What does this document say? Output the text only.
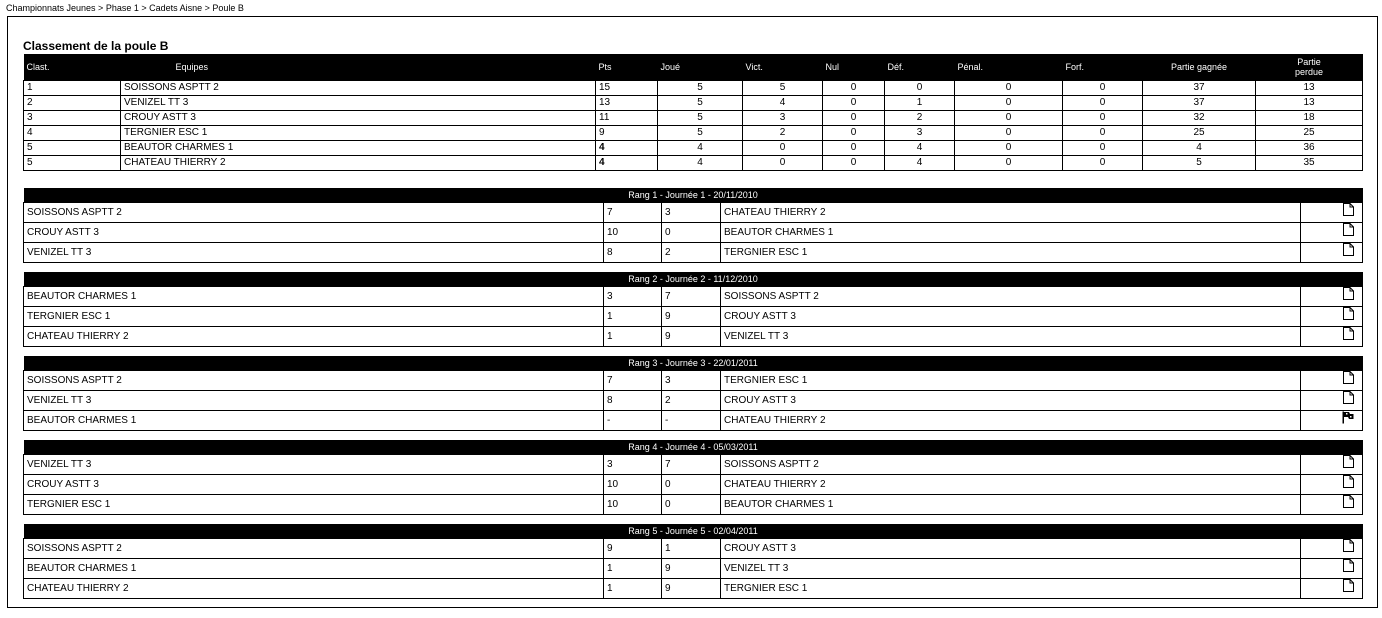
Championnats Jeunes > Phase 1 > Cadets Aisne > Poule B
Classement de la poule B
Clast.	Equipes	Pts	Joué	Vict.	Nul	Déf.	Pénal.	Forf.	Partie gagnée	Partie perdue
1	SOISSONS ASPTT 2	15	5	5	0	0	0	0	37	13
2	VENIZEL TT 3	13	5	4	0	1	0	0	37	13
3	CROUY ASTT 3	11	5	3	0	2	0	0	32	18
4	TERGNIER ESC 1	9	5	2	0	3	0	0	25	25
5	BEAUTOR CHARMES 1	4	4	0	0	4	0	0	4	36
5	CHATEAU THIERRY 2	4	4	0	0	4	0	0	5	35
Rang 1 - Journée 1 - 20/11/2010				
SOISSONS ASPTT 2	7	3	CHATEAU THIERRY 2	
CROUY ASTT 3	10	0	BEAUTOR CHARMES 1	
VENIZEL TT 3	8	2	TERGNIER ESC 1	
Rang 2 - Journée 2 - 11/12/2010				
BEAUTOR CHARMES 1	3	7	SOISSONS ASPTT 2	
TERGNIER ESC 1	1	9	CROUY ASTT 3	
CHATEAU THIERRY 2	1	9	VENIZEL TT 3	
Rang 3 - Journée 3 - 22/01/2011				
SOISSONS ASPTT 2	7	3	TERGNIER ESC 1	
VENIZEL TT 3	8	2	CROUY ASTT 3	
BEAUTOR CHARMES 1	-	-	CHATEAU THIERRY 2	
Rang 4 - Journée 4 - 05/03/2011				
VENIZEL TT 3	3	7	SOISSONS ASPTT 2	
CROUY ASTT 3	10	0	CHATEAU THIERRY 2	
TERGNIER ESC 1	10	0	BEAUTOR CHARMES 1	
Rang 5 - Journée 5 - 02/04/2011				
SOISSONS ASPTT 2	9	1	CROUY ASTT 3	
BEAUTOR CHARMES 1	1	9	VENIZEL TT 3	
CHATEAU THIERRY 2	1	9	TERGNIER ESC 1	
